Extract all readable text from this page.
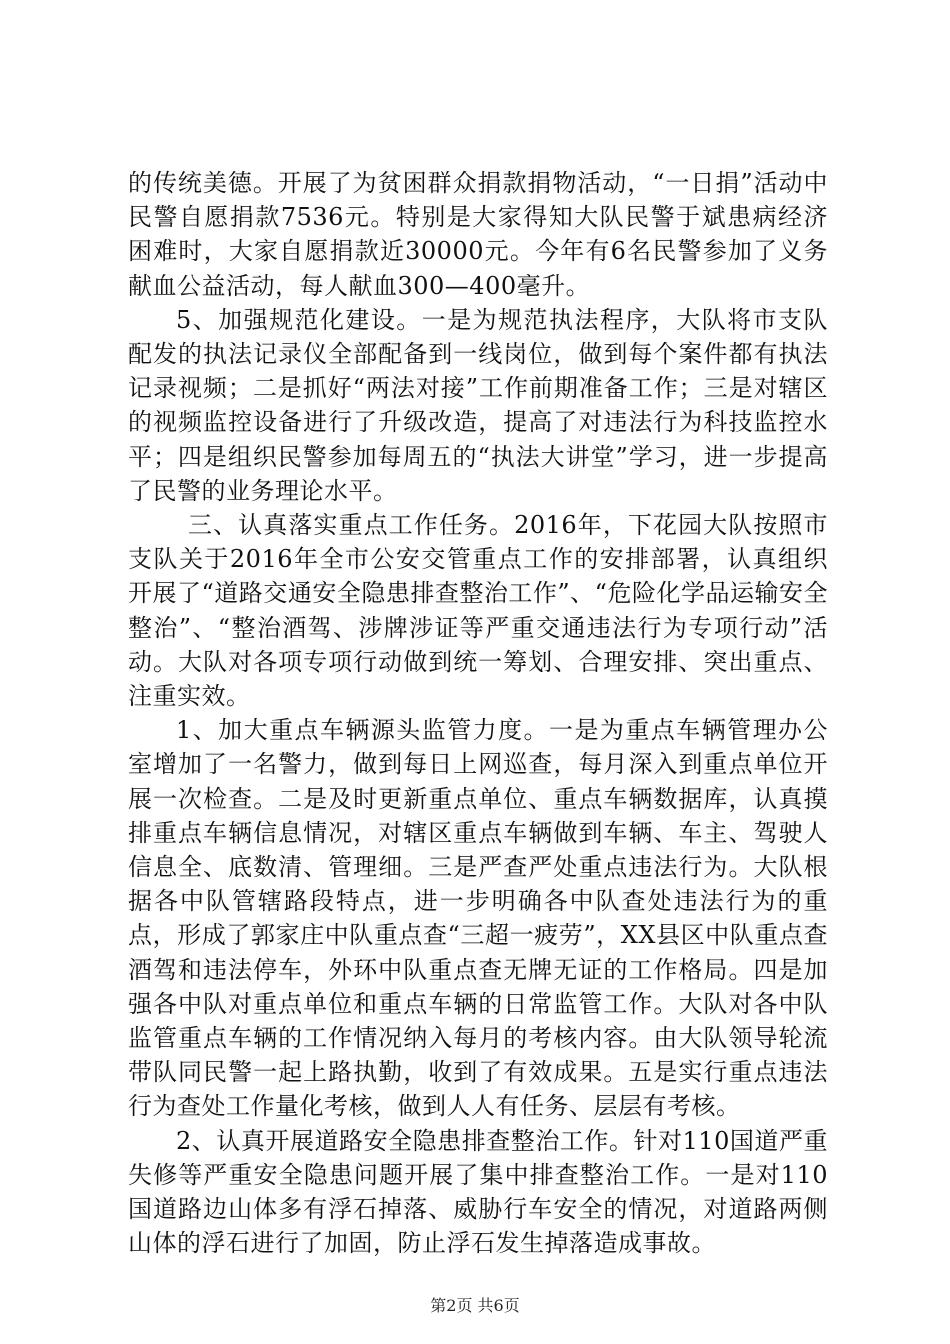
的传统美德。开展了为贫困群众捐款捐物活动，“一日捐”活动中民警自愿捐款7536元。特别是大家得知大队民警于斌患病经济困难时，大家自愿捐款近30000元。今年有6名民警参加了义务献血公益活动，每人献血300—400毫升。

5、加强规范化建设。一是为规范执法程序，大队将市支队配发的执法记录仪全部配备到一线岗位，做到每个案件都有执法记录视频；二是抓好“两法对接”工作前期准备工作；三是对辖区的视频监控设备进行了升级改造，提高了对违法行为科技监控水平；四是组织民警参加每周五的“执法大讲堂”学习，进一步提高了民警的业务理论水平。

三、认真落实重点工作任务。2016年，下花园大队按照市支队关于2016年全市公安交管重点工作的安排部署，认真组织开展了“道路交通安全隐患排查整治工作”、“危险化学品运输安全整治”、“整治酒驾、涉牌涉证等严重交通违法行为专项行动”活动。大队对各项专项行动做到统一筹划、合理安排、突出重点、注重实效。

1、加大重点车辆源头监管力度。一是为重点车辆管理办公室增加了一名警力，做到每日上网巡查，每月深入到重点单位开展一次检查。二是及时更新重点单位、重点车辆数据库，认真摸排重点车辆信息情况，对辖区重点车辆做到车辆、车主、驾驶人信息全、底数清、管理细。三是严查严处重点违法行为。大队根据各中队管辖路段特点，进一步明确各中队查处违法行为的重点，形成了郭家庄中队重点查“三超一疲劳”，XX县区中队重点查酒驾和违法停车，外环中队重点查无牌无证的工作格局。四是加强各中队对重点单位和重点车辆的日常监管工作。大队对各中队监管重点车辆的工作情况纳入每月的考核内容。由大队领导轮流带队同民警一起上路执勤，收到了有效成果。五是实行重点违法行为查处工作量化考核，做到人人有任务、层层有考核。

2、认真开展道路安全隐患排查整治工作。针对110国道严重失修等严重安全隐患问题开展了集中排查整治工作。一是对110国道路边山体多有浮石掉落、威胁行车安全的情况，对道路两侧山体的浮石进行了加固，防止浮石发生掉落造成事故。

第2页 共6页
